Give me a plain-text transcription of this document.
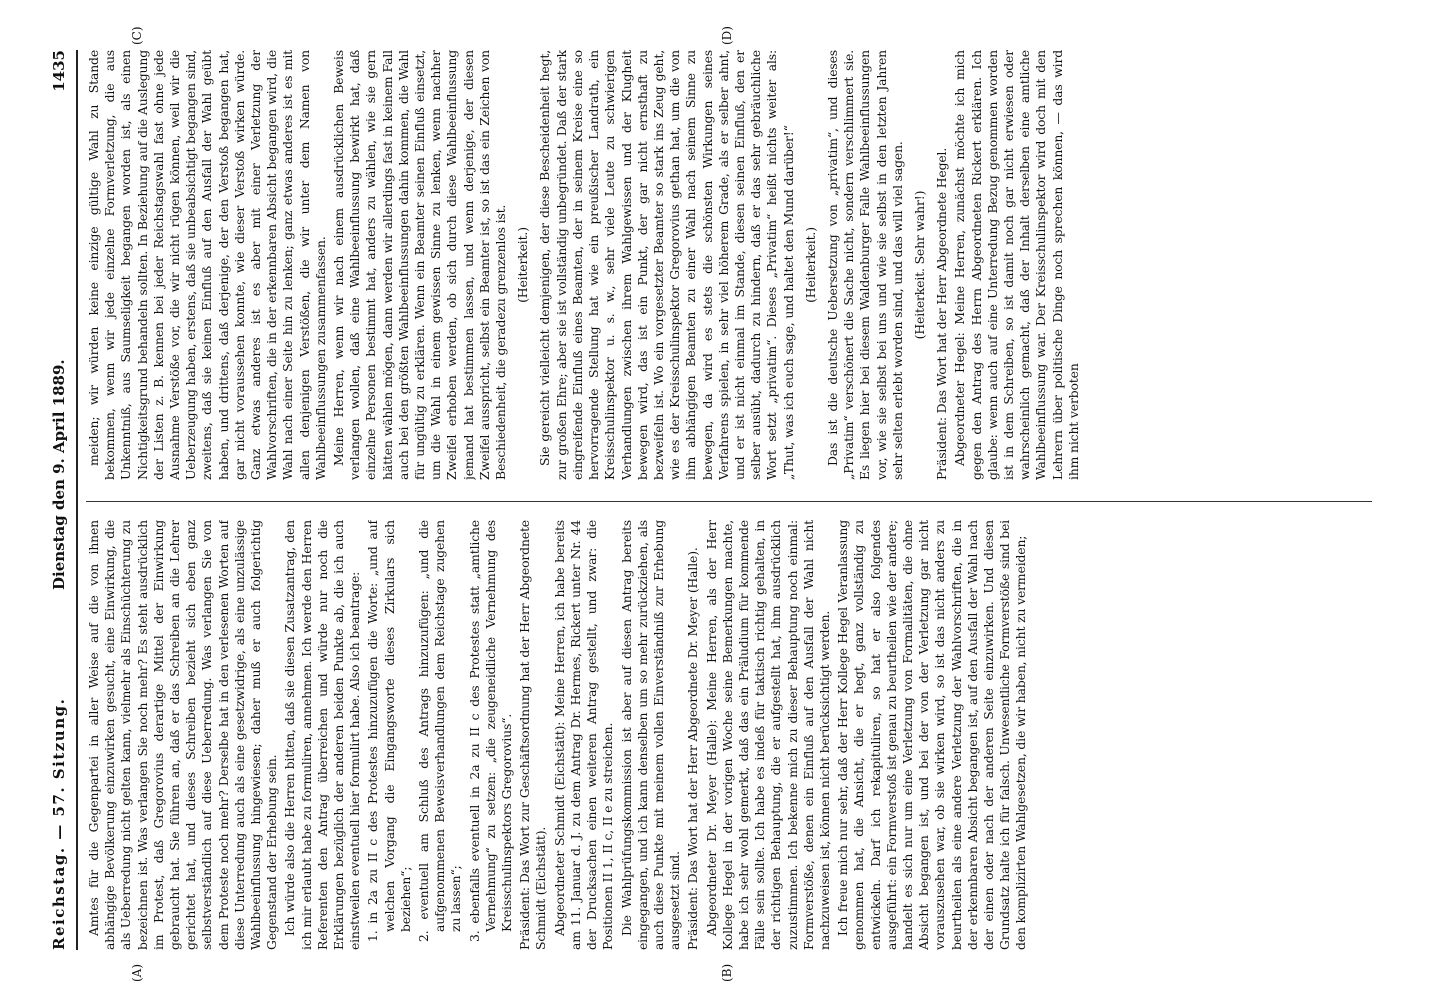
Reichstag. — 57. Sitzung.
Dienstag den 9. April 1889.
1435
(A)	(B)
(C)	(D)

Amtes für die Gegenpartei in aller Weise auf die von ihnen abhängige Bevölkerung einzuwirken gesucht, eine Einwirkung, die als Ueberredung nicht gelten kann, vielmehr als Einschüchterung zu bezeichnen ist. Was verlangen Sie noch mehr? Es steht ausdrücklich im Protest, daß Gregorovius derartige Mittel der Einwirkung gebraucht hat. Sie führen an, daß er das Schreiben an die Lehrer gerichtet hat, und dieses Schreiben bezieht sich eben ganz selbstverständlich auf diese Ueberredung. Was verlangen Sie von dem Proteste noch mehr? Derselbe hat in den verlesenen Worten auf diese Unterredung auch als eine gesetzwidrige, als eine unzulässige Wahlbeeinflussung hingewiesen; daher muß er auch folgerichtig Gegenstand der Erhebung sein. Ich würde also die Herren bitten, daß sie diesen Zusatzantrag, den ich mir erlaubt habe zu formuliren, annehmen. Ich werde den Herren Referenten den Antrag überreichen und würde nur noch die Erklärungen bezüglich der anderen beiden Punkte ab, die ich auch einstweilen eventuell hier formulirt habe. Also ich beantrage: 1. in 2a zu II c des Protestes hinzuzufügen die Worte: „und auf welchen Vorgang die Eingangsworte dieses Zirkulars sich beziehen“; 2. eventuell am Schluß des Antrags hinzuzufügen: „und die aufgenommenen Beweisverhandlungen dem Reichstage zugehen zu lassen“; 3. ebenfalls eventuell in 2a zu II c des Protestes statt „amtliche Vernehmung“ zu setzen: „die zeugeneidliche Vernehmung des Kreisschulinspektors Gregorovius“. Präsident: Das Wort zur Geschäftsordnung hat der Herr Abgeordnete Schmidt (Eichstätt). Abgeordneter Schmidt (Eichstätt): Meine Herren, ich habe bereits am 11. Januar d. J. zu dem Antrag Dr. Hermes, Rickert unter Nr. 44 der Drucksachen einen weiteren Antrag gestellt, und zwar: die Positionen II 1, II c, II e zu streichen. Die Wahlprüfungskommission ist aber auf diesen Antrag bereits eingegangen, und ich kann denselben um so mehr zurückziehen, als auch diese Punkte mit meinem vollen Einverständniß zur Erhebung ausgesetzt sind. Präsident: Das Wort hat der Herr Abgeordnete Dr. Meyer (Halle). Abgeordneter Dr. Meyer (Halle): Meine Herren, als der Herr Kollege Hegel in der vorigen Woche seine Bemerkungen machte, habe ich sehr wohl gemerkt, daß das ein Präludium für kommende Fälle sein sollte. Ich habe es indeß für taktisch richtig gehalten, in der richtigen Behauptung, die er aufgestellt hat, ihm ausdrücklich zuzustimmen. Ich bekenne mich zu dieser Behauptung noch einmal: Formverstöße, denen ein Einfluß auf den Ausfall der Wahl nicht nachzuweisen ist, können nicht berücksichtigt werden. Ich freue mich nur sehr, daß der Herr Kollege Hegel Veranlassung genommen hat, die Ansicht, die er hegt, ganz vollständig zu entwickeln. Darf ich rekapituliren, so hat er also folgendes ausgeführt: ein Formverstoß ist genau zu beurtheilen wie der andere; handelt es sich nur um eine Verletzung von Formalitäten, die ohne Absicht begangen ist, und bei der von der Verletzung gar nicht vorauszusehen war, ob sie wirken wird, so ist das nicht anders zu beurtheilen als eine andere Verletzung der Wahlvorschriften, die in der erkennbaren Absicht begangen ist, auf den Ausfall der Wahl nach der einen oder nach der anderen Seite einzuwirken. Und diesen Grundsatz halte ich für falsch. Unwesentliche Formverstöße sind bei den komplizirten Wahlgesetzen, die wir haben, nicht zu vermeiden;

meiden; wir würden keine einzige gültige Wahl zu Stande bekommen, wenn wir jede einzelne Formverletzung, die aus Unkenntniß, aus Saumseligkeit begangen worden ist, als einen Nichtigkeitsgrund behandeln sollten. In Beziehung auf die Auslegung der Listen z. B. kennen bei jeder Reichstagswahl fast ohne jede Ausnahme Verstöße vor, die wir nicht rügen können, weil wir die Ueberzeugung haben, erstens, daß sie unbeabsichtigt begangen sind, zweitens, daß sie keinen Einfluß auf den Ausfall der Wahl geübt haben, und drittens, daß derjenige, der den Verstoß begangen hat, gar nicht voraussehen konnte, wie dieser Verstoß wirken würde. Ganz etwas anderes ist es aber mit einer Verletzung der Wahlvorschriften, die in der erkennbaren Absicht begangen wird, die Wahl nach einer Seite hin zu lenken; ganz etwas anderes ist es mit allen denjenigen Verstößen, die wir unter dem Namen von Wahlbeeinflussungen zusammenfassen. Meine Herren, wenn wir nach einem ausdrücklichen Beweis verlangen wollen, daß eine Wahlbeeinflussung bewirkt hat, daß einzelne Personen bestimmt hat, anders zu wählen, wie sie gern hätten wählen mögen, dann werden wir allerdings fast in keinem Fall auch bei den größten Wahlbeeinflussungen dahin kommen, die Wahl für ungültig zu erklären. Wenn ein Beamter seinen Einfluß einsetzt, um die Wahl in einem gewissen Sinne zu lenken, wenn nachher Zweifel erhoben werden, ob sich durch diese Wahlbeeinflussung jemand hat bestimmen lassen, und wenn derjenige, der diesen Zweifel ausspricht, selbst ein Beamter ist, so ist das ein Zeichen von Beschiedenheit, die geradezu grenzenlos ist. (Heiterkeit.) Sie gereicht vielleicht demjenigen, der diese Bescheidenheit hegt, zur großen Ehre; aber sie ist vollständig unbegründet. Daß der stark eingreifende Einfluß eines Beamten, der in seinem Kreise eine so hervorragende Stellung hat wie ein preußischer Landrath, ein Kreisschulinspektor u. s. w., sehr viele Leute zu schwierigen Verhandlungen zwischen ihrem Wahlgewissen und der Klugheit bewegen wird, das ist ein Punkt, der gar nicht ernsthaft zu bezweifeln ist. Wo ein vorgesetzter Beamter so stark ins Zeug geht, wie es der Kreisschulinspektor Gregorovius gethan hat, um die von ihm abhängigen Beamten zu einer Wahl nach seinem Sinne zu bewegen, da wird es stets die schönsten Wirkungen seines Verfahrens spielen, in sehr viel höherem Grade, als er selber ahnt, und er ist nicht einmal im Stande, diesen seinen Einfluß, den er selber ausübt, dadurch zu hindern, daß er das sehr gebräuchliche Wort setzt „privatim“. Dieses „Privatim“ heißt nichts weiter als: „Thut, was ich euch sage, und haltet den Mund darüber!“ (Heiterkeit.) Das ist die deutsche Uebersetzung von „privatim“, und dieses „Privatim“ verschönert die Sache nicht, sondern verschlimmert sie. Es liegen hier bei diesem Waldenburger Falle Wahlbeeinflussungen vor, wie sie selbst bei uns und wie sie selbst in den letzten Jahren sehr selten erlebt worden sind, und das will viel sagen. (Heiterkeit. Sehr wahr!) Präsident: Das Wort hat der Herr Abgeordnete Hegel. Abgeordneter Hegel: Meine Herren, zunächst möchte ich mich gegen den Antrag des Herrn Abgeordneten Rickert erklären. Ich glaube: wenn auch auf eine Unterredung Bezug genommen worden ist in dem Schreiben, so ist damit noch gar nicht erwiesen oder wahrscheinlich gemacht, daß der Inhalt derselben eine amtliche Wahlbeeinflussung war. Der Kreisschulinspektor wird doch mit den Lehrern über politische Dinge noch sprechen können, — das wird ihm nicht verboten
